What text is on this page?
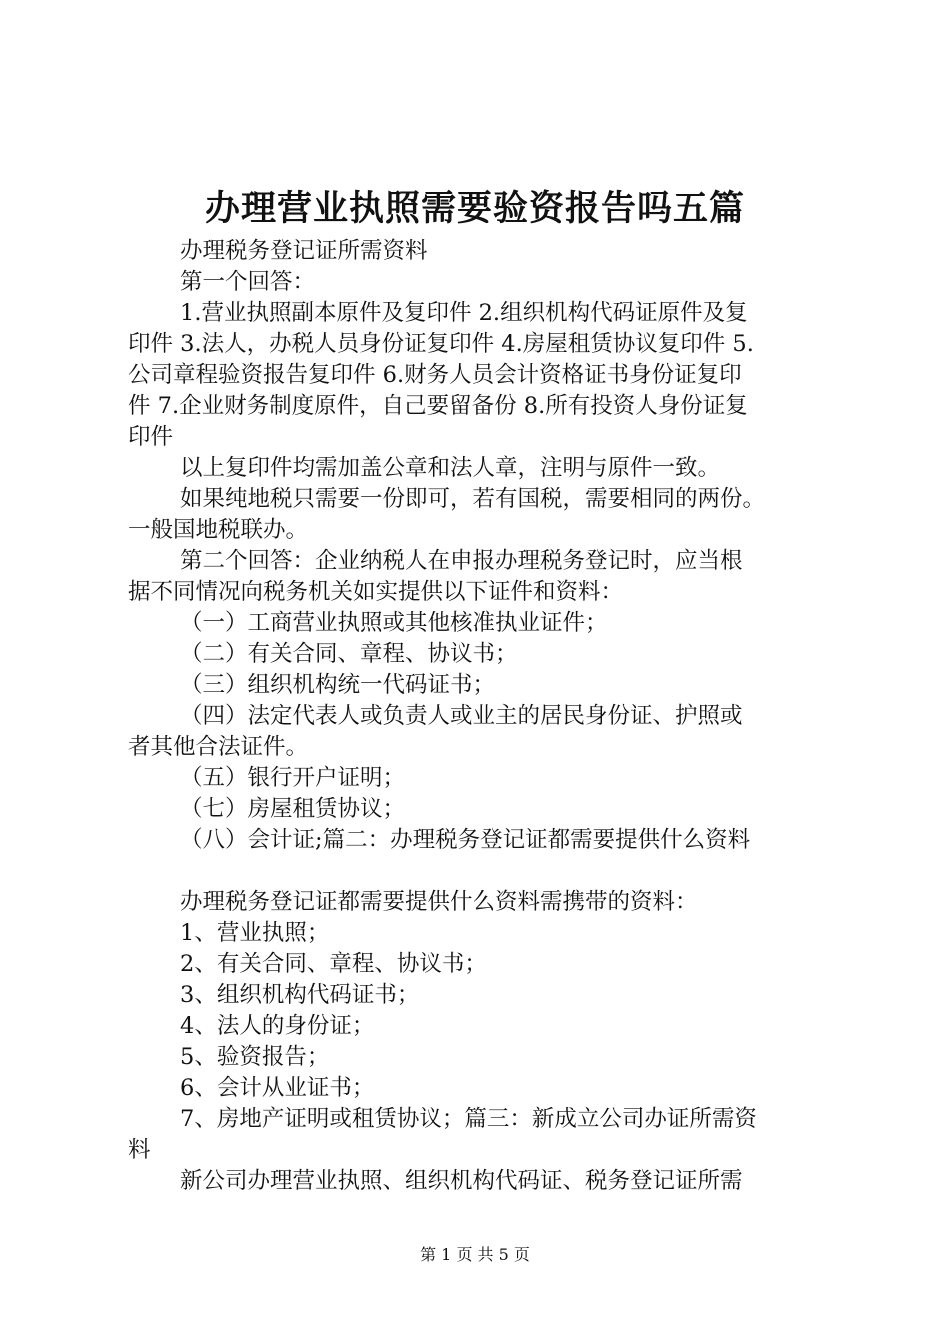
办理营业执照需要验资报告吗五篇
办理税务登记证所需资料
第一个回答：
1.营业执照副本原件及复印件 2.组织机构代码证原件及复
印件 3.法人，办税人员身份证复印件 4.房屋租赁协议复印件 5.
公司章程验资报告复印件 6.财务人员会计资格证书身份证复印
件 7.企业财务制度原件，自己要留备份 8.所有投资人身份证复
印件
以上复印件均需加盖公章和法人章，注明与原件一致。
如果纯地税只需要一份即可，若有国税，需要相同的两份。
一般国地税联办。
第二个回答：企业纳税人在申报办理税务登记时，应当根
据不同情况向税务机关如实提供以下证件和资料：
（一）工商营业执照或其他核准执业证件；
（二）有关合同、章程、协议书；
（三）组织机构统一代码证书；
（四）法定代表人或负责人或业主的居民身份证、护照或
者其他合法证件。
（五）银行开户证明；
（七）房屋租赁协议；
（八）会计证;篇二：办理税务登记证都需要提供什么资料
办理税务登记证都需要提供什么资料需携带的资料：
1、营业执照；
2、有关合同、章程、协议书；
3、组织机构代码证书；
4、法人的身份证；
5、验资报告；
6、会计从业证书；
7、房地产证明或租赁协议；篇三：新成立公司办证所需资
料
新公司办理营业执照、组织机构代码证、税务登记证所需
第 1 页 共 5 页
